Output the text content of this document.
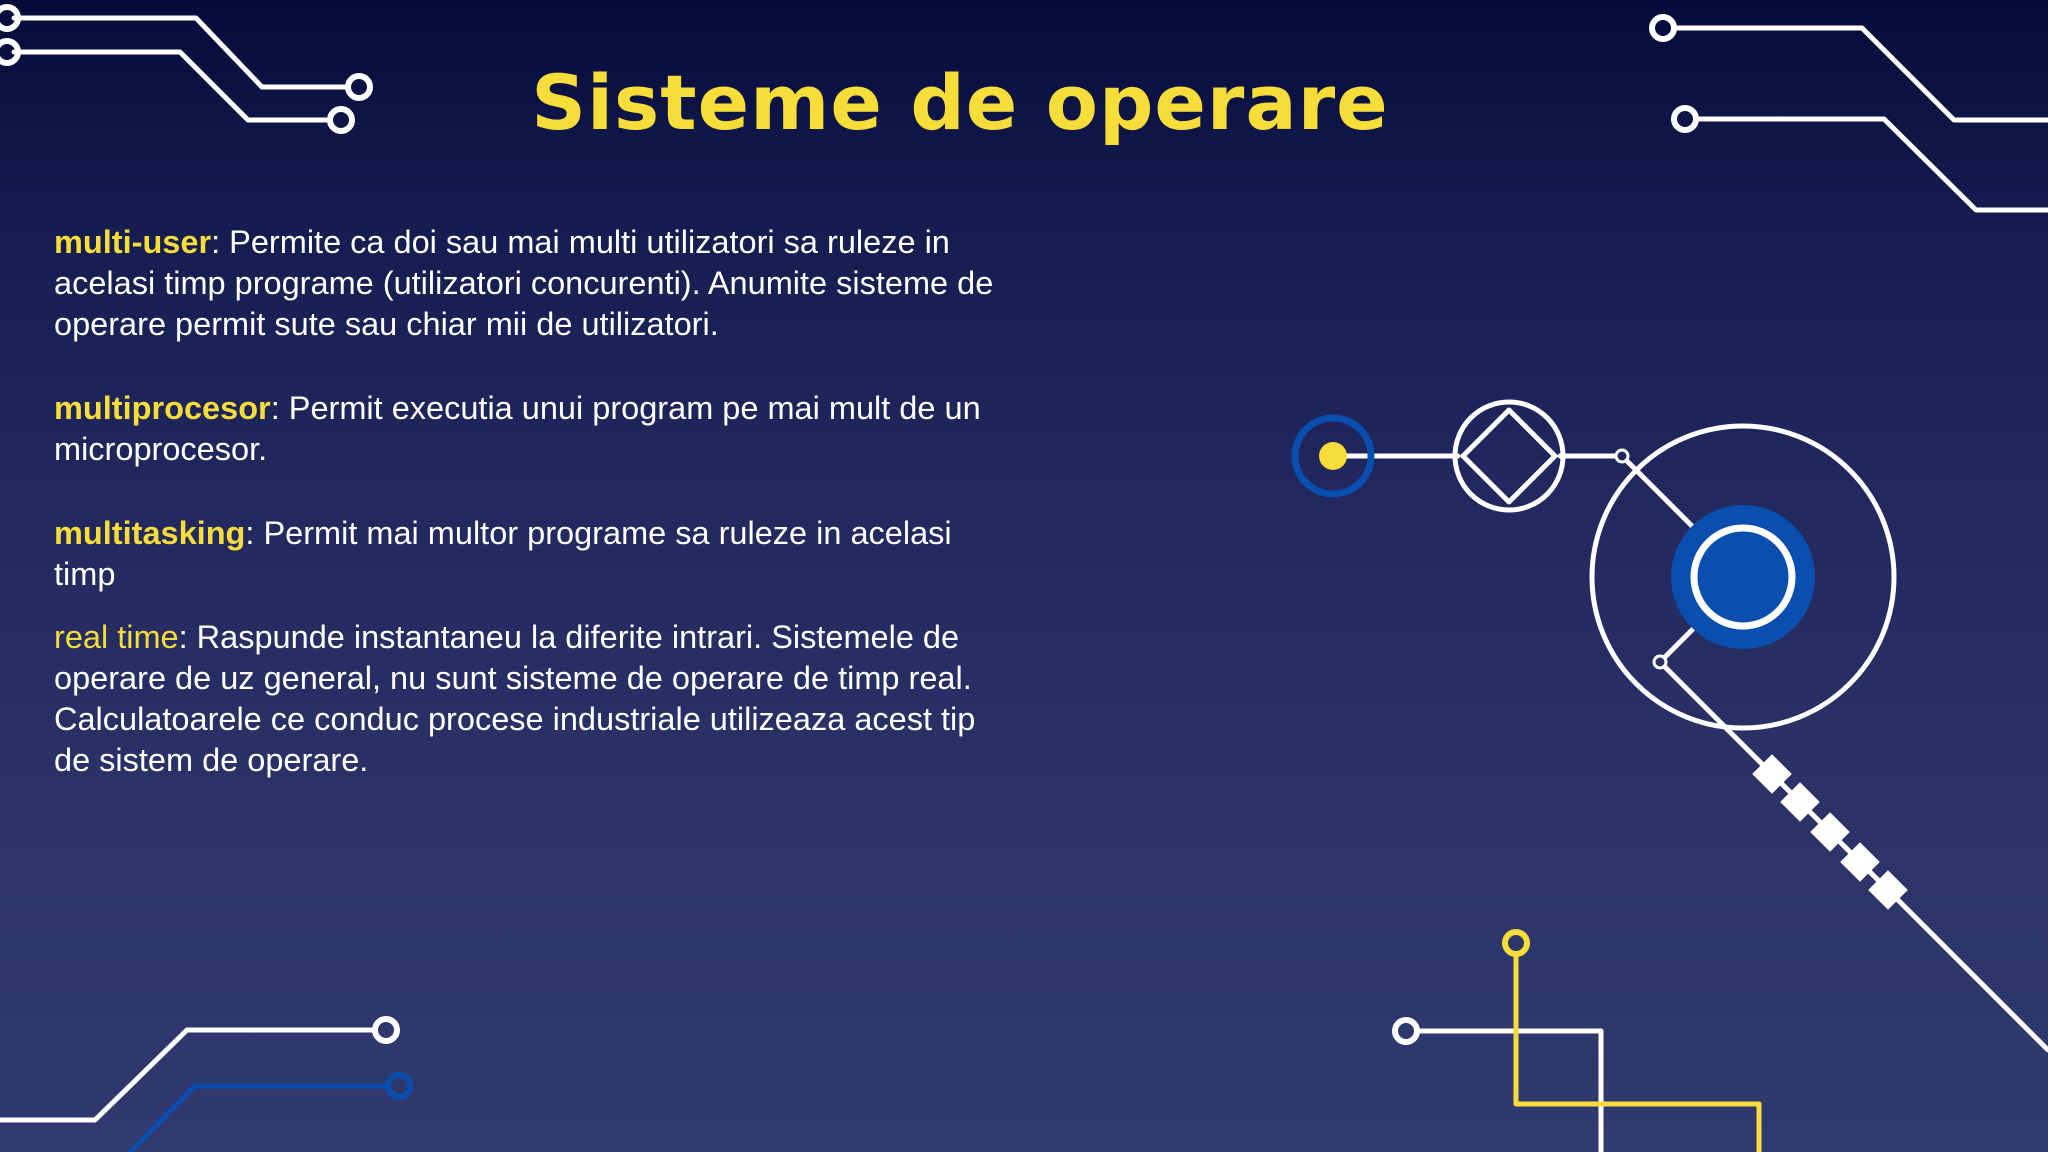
Sisteme de operare

multi-user: Permite ca doi sau mai multi utilizatori sa ruleze in acelasi timp programe (utilizatori concurenti). Anumite sisteme de operare permit sute sau chiar mii de utilizatori.

multiprocesor: Permit executia unui program pe mai mult de un microprocesor.

multitasking: Permit mai multor programe sa ruleze in acelasi timp

real time: Raspunde instantaneu la diferite intrari. Sistemele de operare de uz general, nu sunt sisteme de operare de timp real. Calculatoarele ce conduc procese industriale utilizeaza acest tip de sistem de operare.
